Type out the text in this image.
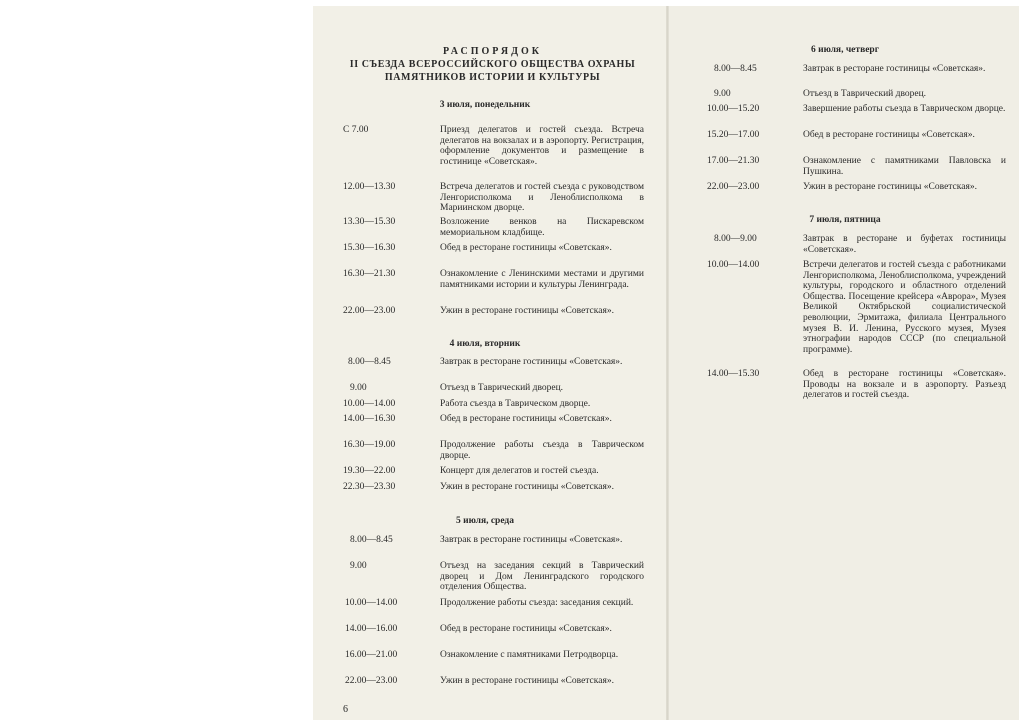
РАСПОРЯДОК
II СЪЕЗДА ВСЕРОССИЙСКОГО ОБЩЕСТВА ОХРАНЫ
ПАМЯТНИКОВ ИСТОРИИ И КУЛЬТУРЫ
3 июля, понедельник
С 7.00	Приезд делегатов и гостей съезда. Встреча делегатов на вокзалах и в аэропорту. Регистрация, оформление документов и размещение в гостинице «Советская».
12.00—13.30	Встреча делегатов и гостей съезда с руководством Ленгорисполкома и Леноблисполкома в Мариинском дворце.
13.30—15.30	Возложение венков на Пискаревском мемориальном кладбище.
15.30—16.30	Обед в ресторане гостиницы «Советская».
16.30—21.30	Ознакомление с Ленинскими местами и другими памятниками истории и культуры Ленинграда.
22.00—23.00	Ужин в ресторане гостиницы «Советская».
4 июля, вторник
8.00—8.45	Завтрак в ресторане гостиницы «Советская».
9.00	Отъезд в Таврический дворец.
10.00—14.00	Работа съезда в Таврическом дворце.
14.00—16.30	Обед в ресторане гостиницы «Советская».
16.30—19.00	Продолжение работы съезда в Таврическом дворце.
19.30—22.00	Концерт для делегатов и гостей съезда.
22.30—23.30	Ужин в ресторане гостиницы «Советская».
5 июля, среда
8.00—8.45	Завтрак в ресторане гостиницы «Советская».
9.00	Отъезд на заседания секций в Таврический дворец и Дом Ленинградского городского отделения Общества.
10.00—14.00	Продолжение работы съезда: заседания секций.
14.00—16.00	Обед в ресторане гостиницы «Советская».
16.00—21.00	Ознакомление с памятниками Петродворца.
22.00—23.00	Ужин в ресторане гостиницы «Советская».
6
6 июля, четверг
8.00—8.45	Завтрак в ресторане гостиницы «Советская».
9.00	Отъезд в Таврический дворец.
10.00—15.20	Завершение работы съезда в Таврическом дворце.
15.20—17.00	Обед в ресторане гостиницы «Советская».
17.00—21.30	Ознакомление с памятниками Павловска и Пушкина.
22.00—23.00	Ужин в ресторане гостиницы «Советская».
7 июля, пятница
8.00—9.00	Завтрак в ресторане и буфетах гостиницы «Советская».
10.00—14.00	Встречи делегатов и гостей съезда с работниками Ленгорисполкома, Леноблисполкома, учреждений культуры, городского и областного отделений Общества. Посещение крейсера «Аврора», Музея Великой Октябрьской социалистической революции, Эрмитажа, филиала Центрального музея В. И. Ленина, Русского музея, Музея этнографии народов СССР (по специальной программе).
14.00—15.30	Обед в ресторане гостиницы «Советская». Проводы на вокзале и в аэропорту. Разъезд делегатов и гостей съезда.
